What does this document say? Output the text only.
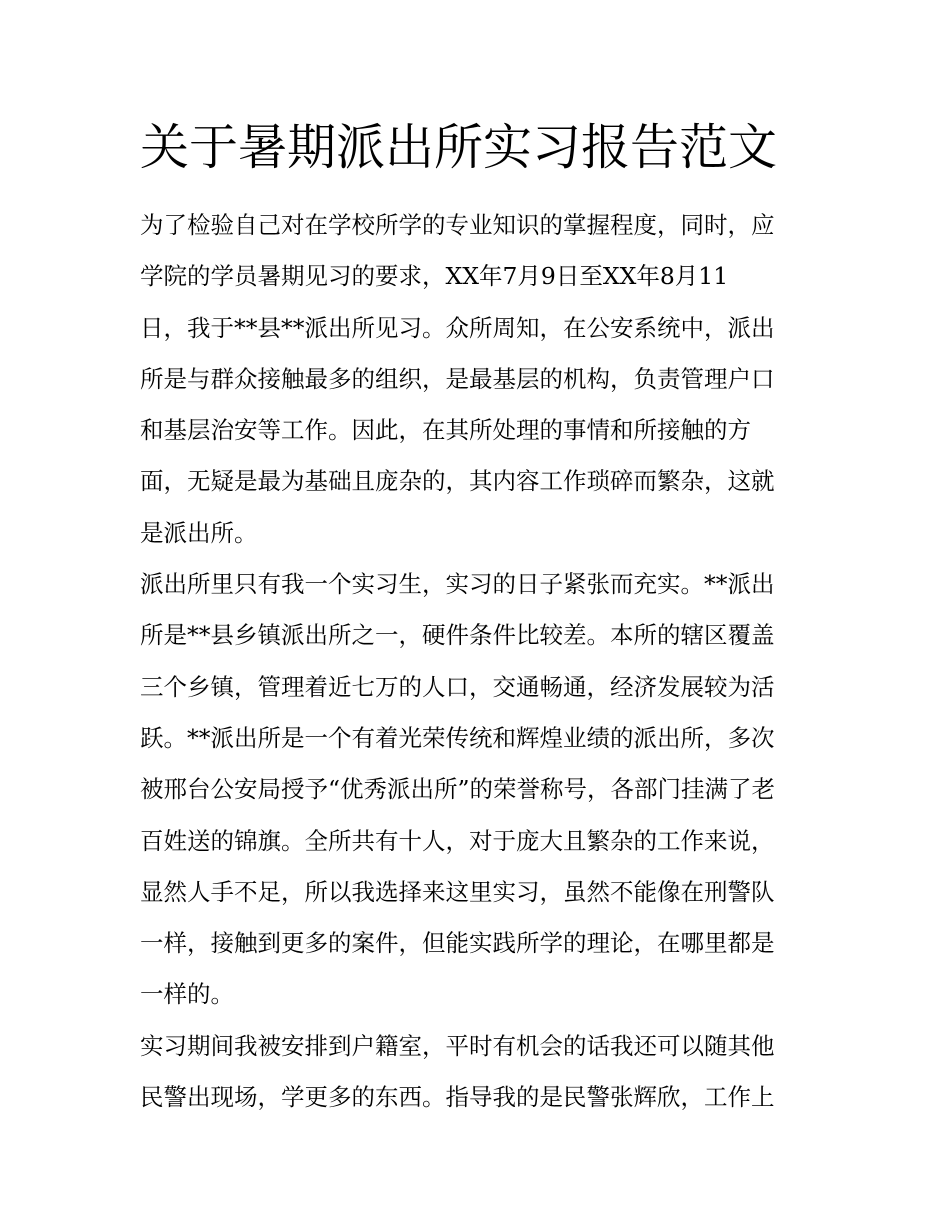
关于暑期派出所实习报告范文
为了检验自己对在学校所学的专业知识的掌握程度，同时，应
学院的学员暑期见习的要求，XX年7月9日至XX年8月11
日，我于**县**派出所见习。众所周知，在公安系统中，派出
所是与群众接触最多的组织，是最基层的机构，负责管理户口
和基层治安等工作。因此，在其所处理的事情和所接触的方
面，无疑是最为基础且庞杂的，其内容工作琐碎而繁杂，这就
是派出所。
派出所里只有我一个实习生，实习的日子紧张而充实。**派出
所是**县乡镇派出所之一，硬件条件比较差。本所的辖区覆盖
三个乡镇，管理着近七万的人口，交通畅通，经济发展较为活
跃。**派出所是一个有着光荣传统和辉煌业绩的派出所，多次
被邢台公安局授予“优秀派出所”的荣誉称号，各部门挂满了老
百姓送的锦旗。全所共有十人，对于庞大且繁杂的工作来说，
显然人手不足，所以我选择来这里实习，虽然不能像在刑警队
一样，接触到更多的案件，但能实践所学的理论，在哪里都是
一样的。
实习期间我被安排到户籍室，平时有机会的话我还可以随其他
民警出现场，学更多的东西。指导我的是民警张辉欣，工作上
